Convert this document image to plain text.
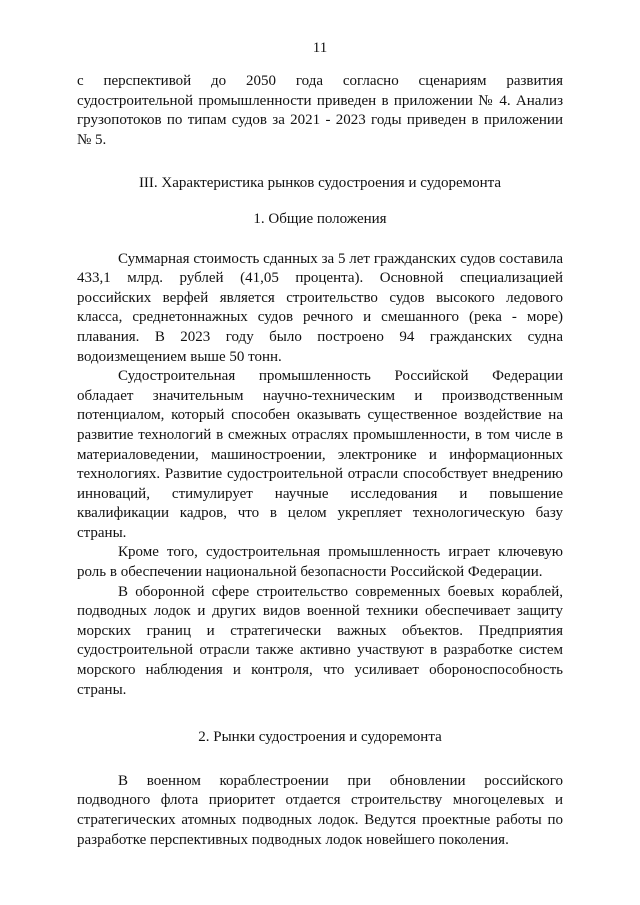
11

с перспективой до 2050 года согласно сценариям развития судостроительной промышленности приведен в приложении № 4. Анализ грузопотоков по типам судов за 2021 - 2023 годы приведен в приложении № 5.

III. Характеристика рынков судостроения и судоремонта
1. Общие положения

Суммарная стоимость сданных за 5 лет гражданских судов составила 433,1 млрд. рублей (41,05 процента). Основной специализацией российских верфей является строительство судов высокого ледового класса, среднетоннажных судов речного и смешанного (река - море) плавания. В 2023 году было построено 94 гражданских судна водоизмещением выше 50 тонн.

Судостроительная промышленность Российской Федерации обладает значительным научно-техническим и производственным потенциалом, который способен оказывать существенное воздействие на развитие технологий в смежных отраслях промышленности, в том числе в материаловедении, машиностроении, электронике и информационных технологиях. Развитие судостроительной отрасли способствует внедрению инноваций, стимулирует научные исследования и повышение квалификации кадров, что в целом укрепляет технологическую базу страны.

Кроме того, судостроительная промышленность играет ключевую роль в обеспечении национальной безопасности Российской Федерации.

В оборонной сфере строительство современных боевых кораблей, подводных лодок и других видов военной техники обеспечивает защиту морских границ и стратегически важных объектов. Предприятия судостроительной отрасли также активно участвуют в разработке систем морского наблюдения и контроля, что усиливает обороноспособность страны.

2. Рынки судостроения и судоремонта

В военном кораблестроении при обновлении российского подводного флота приоритет отдается строительству многоцелевых и стратегических атомных подводных лодок. Ведутся проектные работы по разработке перспективных подводных лодок новейшего поколения.
